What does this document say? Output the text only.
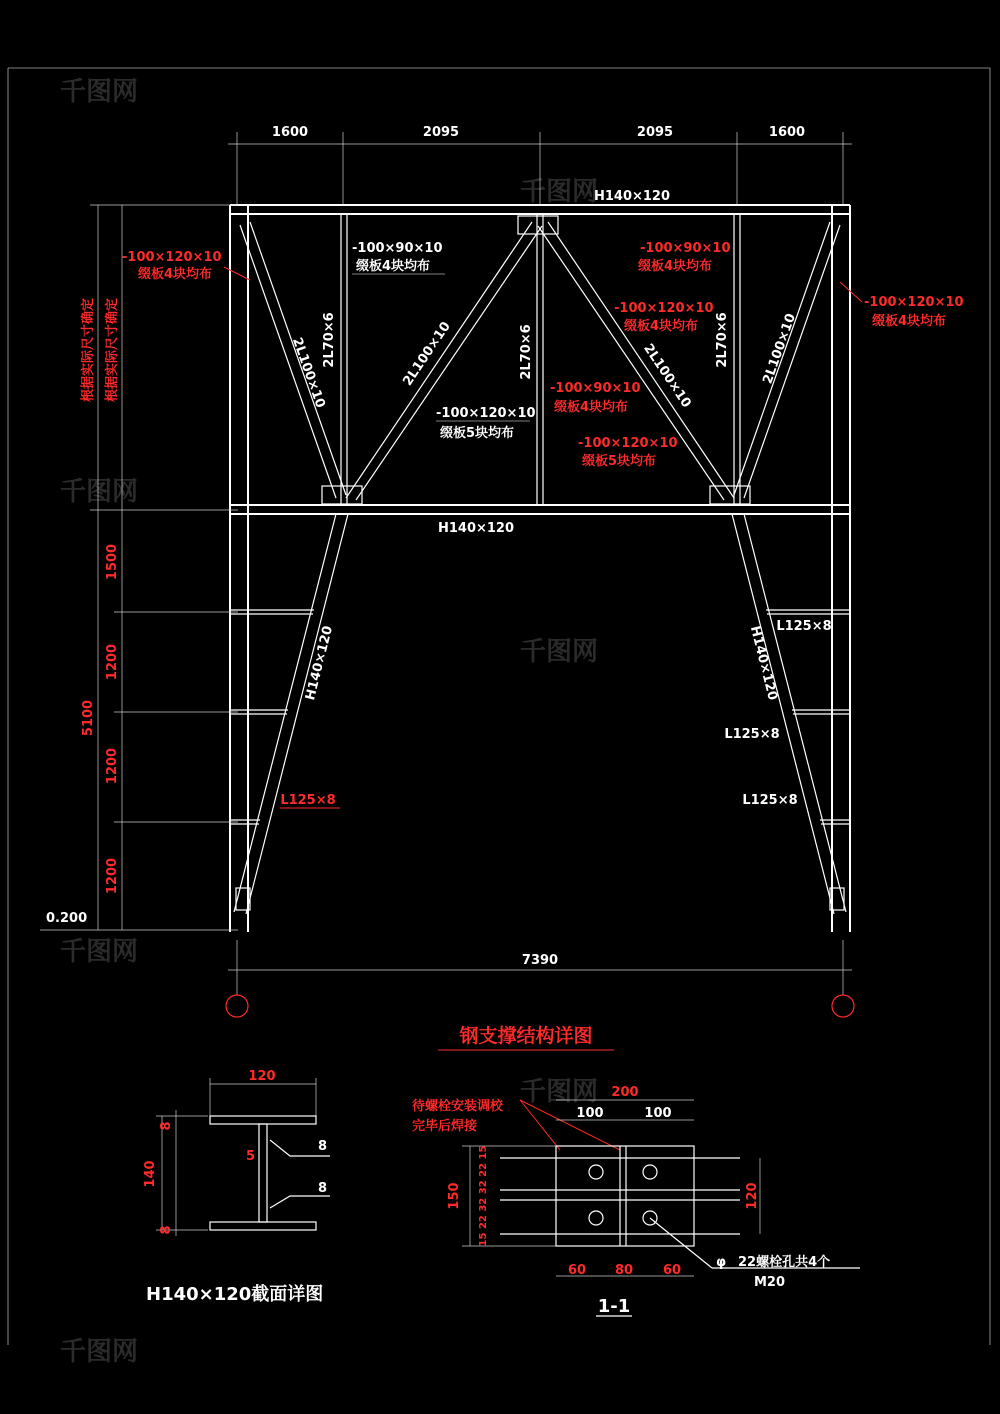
千图网
千图网
千图网
千图网
千图网
千图网
千图网
1600	2095	2095	1600
H140×120
H140×120
2L70×6	2L70×6	2L70×6
2L100×10	2L100×10	2L100×10	2L100×10
H140×120	H140×120
L125×8
L125×8
L125×8
L125×8
-100×120×10
缀板4块均布
-100×90×10
缀板4块均布
-100×120×10
缀板5块均布
-100×90×10
缀板4块均布
-100×120×10
缀板4块均布
-100×90×10
缀板4块均布
-100×120×10
缀板5块均布
-100×120×10
缀板4块均布
根据实际尺寸确定 根据实际尺寸确定
1500
1200
1200
1200
5100
0.200
7390
钢支撑结构详图
120
140
8
8
5
8
8
H140×120截面详图
待螺栓安装调校
完毕后焊接
200
100	100
150 15 22 32 32 22 15	120
60 80 60
φ 22螺栓孔共4个
M20
1-1
